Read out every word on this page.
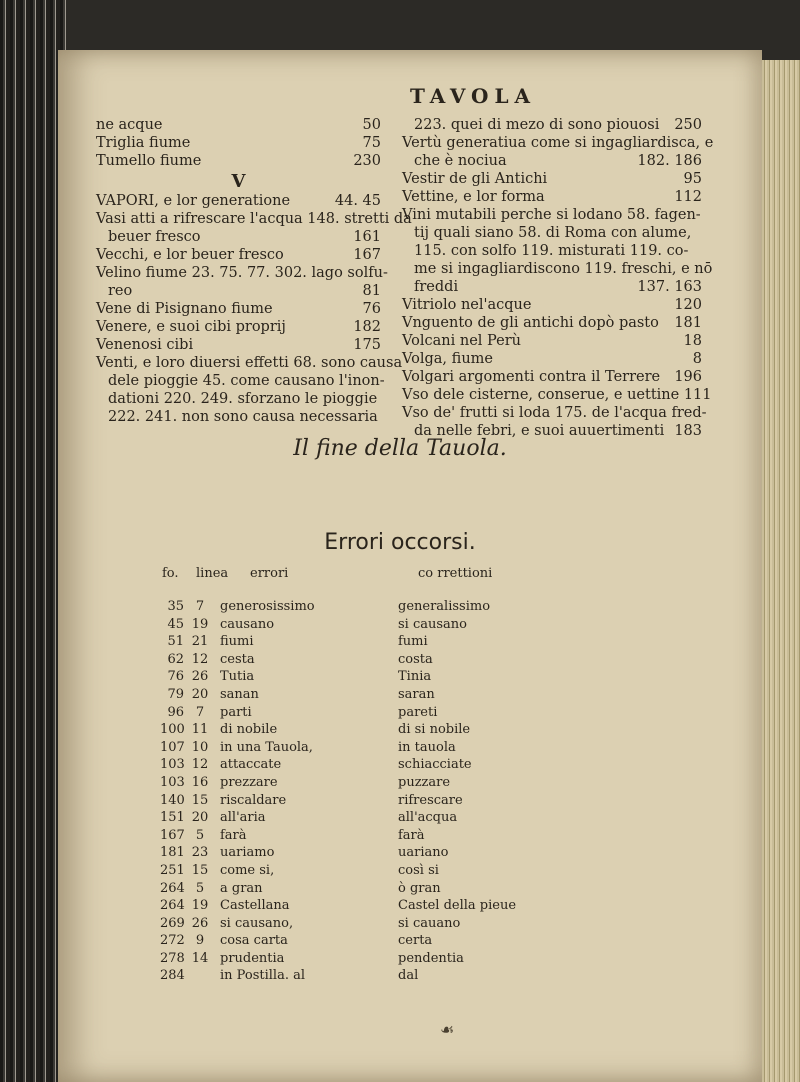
TAVOLA
ne acque	50
Triglia fiume	75
Tumello fiume	230
V
VAPORI, e lor generatione	44. 45
Vasi atti a rifrescare l'acqua 148. stretti da
beuer fresco	161
Vecchi, e lor beuer fresco	167
Velino fiume 23. 75. 77. 302. lago solfu-
reo	81
Vene di Pisignano fiume	76
Venere, e suoi cibi proprij	182
Venenosi cibi	175
Venti, e loro diuersi effetti 68. sono causa
dele pioggie 45. come causano l'inon-
dationi 220. 249. sforzano le pioggie
222. 241. non sono causa necessaria
223. quei di mezo di sono piouosi 250
Vertù generatiua come si ingagliardisca, e
che è nociua	182. 186
Vestir de gli Antichi	95
Vettine, e lor forma	112
Vini mutabili perche si lodano 58. fagen-
tij quali siano 58. di Roma con alume,
115. con solfo 119. misturati 119. co-
me si ingagliardiscono 119. freschi, e nō
freddi	137. 163
Vitriolo nel'acque	120
Vnguento de gli antichi dopò pasto 181
Volcani nel Perù	18
Volga, fiume	8
Volgari argomenti contra il Terrere 196
Vso dele cisterne, conserue, e uettine 111
Vso de' frutti si loda 175. de l'acqua fred-
da nelle febri, e suoi auuertimenti 183
Il fine della Tauola.
Errori occorsi.
fo. linea errori	co rrettioni
35 7	generosissimo	generalissimo
45 19 causano	si causano
51 21 fiumi	fumi
62 12 cesta	costa
76 26 Tutia	Tinia
79 20 sanan	saran
96 7	parti	pareti
100 11 di nobile	di si nobile
107 10 in una Tauola,	in tauola
103 12 attaccate	schiacciate
103 16 prezzare	puzzare
140 15 riscaldare	rifrescare
151 20 all'aria	all'acqua
167 5	farà	farà
181 23 uariamo	uariano
251 15 come si,	così si
264 5	a gran	ò gran
264 19 Castellana	Castel della pieue
269 26 si causano,	si cauano
272 9	cosa carta	certa
278 14 prudentia	pendentia
284	in Postilla. al	dal
☙
